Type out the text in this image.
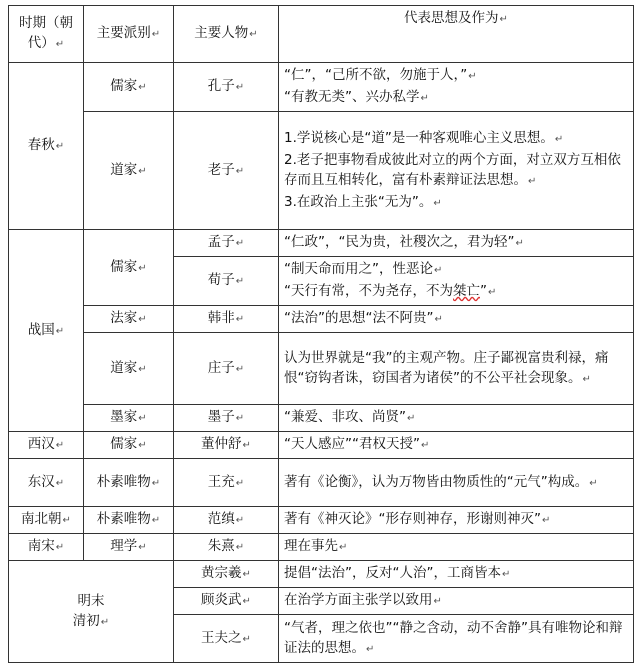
时期（朝代）↵	主要派别↵	主要人物↵	代表思想及作为↵
春秋↵	儒家↵	孔子↵	“仁”，“己所不欲，勿施于人，”↵
“有教无类”、兴办私学↵

	道家↵	老子↵	1.学说核心是“道”是一种客观唯心主义思想。↵
2.老子把事物看成彼此对立的两个方面，对立双方互相依存而且互相转化，富有朴素辩证法思想。↵
3.在政治上主张“无为”。↵

战国↵	儒家↵	孟子↵	“仁政”，“民为贵，社稷次之，君为轻”↵
		荀子↵	“制天命而用之”，性恶论↵
“天行有常，不为尧存，不为桀亡”↵

	法家↵	韩非↵	“法治”的思想“法不阿贵”↵
	道家↵	庄子↵	认为世界就是“我”的主观产物。庄子鄙视富贵利禄，痛恨“窃钩者诛，窃国者为诸侯”的不公平社会现象。↵
	墨家↵	墨子↵	“兼爱、非攻、尚贤”↵
西汉↵	儒家↵	董仲舒↵	“天人感应”“君权天授”↵
东汉↵	朴素唯物↵	王充↵	著有《论衡》，认为万物皆由物质性的“元气”构成。↵
南北朝↵	朴素唯物↵	范缜↵	著有《神灭论》“形存则神存，形谢则神灭”↵
南宋↵	理学↵	朱熹↵	理在事先↵

明末
清初↵		黄宗羲↵	提倡“法治”，反对“人治”，工商皆本↵
		顾炎武↵	在治学方面主张学以致用↵
		王夫之↵	“气者，理之依也”“静之含动，动不舍静”具有唯物论和辩证法的思想。↵
